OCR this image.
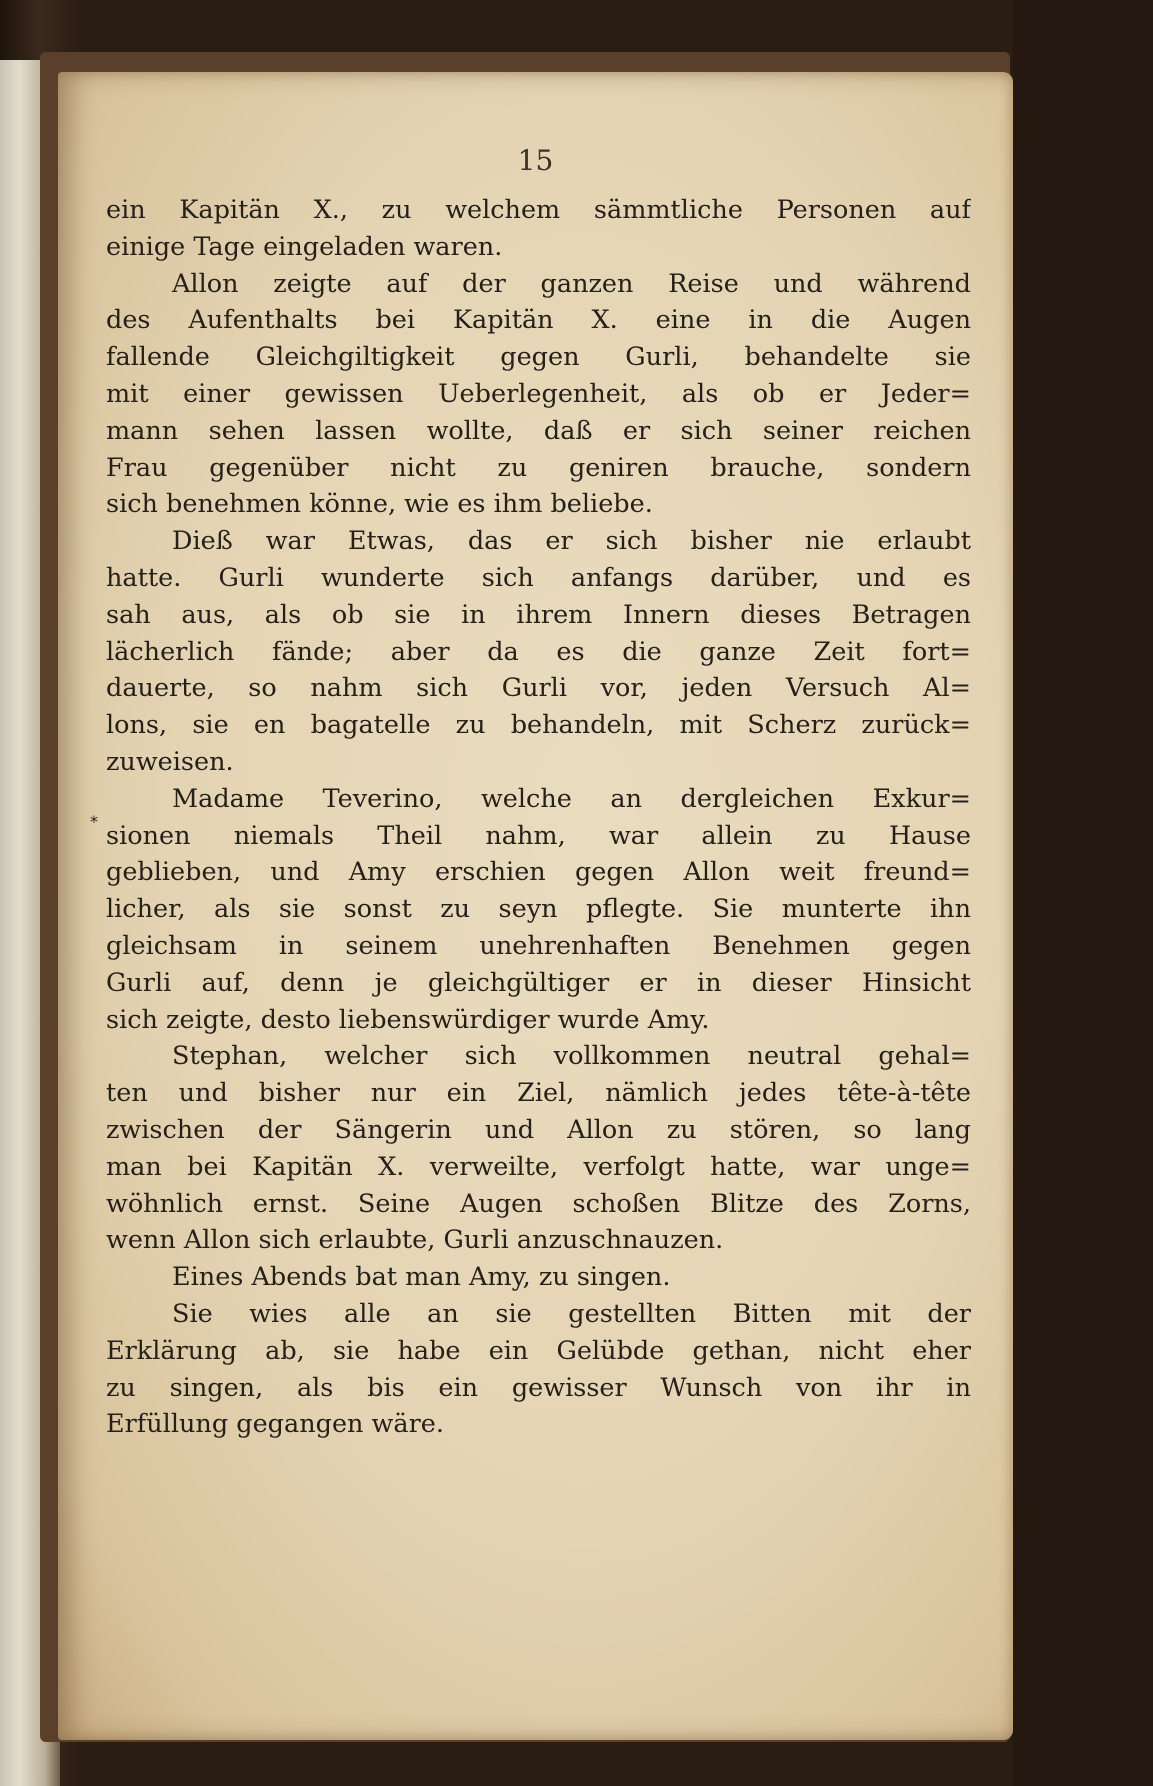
15
*
ein Kapitän X., zu welchem sämmtliche Personen auf
einige Tage eingeladen waren.
Allon zeigte auf der ganzen Reise und während
des Aufenthalts bei Kapitän X. eine in die Augen
fallende Gleichgiltigkeit gegen Gurli, behandelte sie
mit einer gewissen Ueberlegenheit, als ob er Jeder=
mann sehen lassen wollte, daß er sich seiner reichen
Frau gegenüber nicht zu geniren brauche, sondern
sich benehmen könne, wie es ihm beliebe.
Dieß war Etwas, das er sich bisher nie erlaubt
hatte. Gurli wunderte sich anfangs darüber, und es
sah aus, als ob sie in ihrem Innern dieses Betragen
lächerlich fände; aber da es die ganze Zeit fort=
dauerte, so nahm sich Gurli vor, jeden Versuch Al=
lons, sie en bagatelle zu behandeln, mit Scherz zurück=
zuweisen.
Madame Teverino, welche an dergleichen Exkur=
sionen niemals Theil nahm, war allein zu Hause
geblieben, und Amy erschien gegen Allon weit freund=
licher, als sie sonst zu seyn pflegte. Sie munterte ihn
gleichsam in seinem unehrenhaften Benehmen gegen
Gurli auf, denn je gleichgültiger er in dieser Hinsicht
sich zeigte, desto liebenswürdiger wurde Amy.
Stephan, welcher sich vollkommen neutral gehal=
ten und bisher nur ein Ziel, nämlich jedes tête-à-tête
zwischen der Sängerin und Allon zu stören, so lang
man bei Kapitän X. verweilte, verfolgt hatte, war unge=
wöhnlich ernst. Seine Augen schoßen Blitze des Zorns,
wenn Allon sich erlaubte, Gurli anzuschnauzen.
Eines Abends bat man Amy, zu singen.
Sie wies alle an sie gestellten Bitten mit der
Erklärung ab, sie habe ein Gelübde gethan, nicht eher
zu singen, als bis ein gewisser Wunsch von ihr in
Erfüllung gegangen wäre.
